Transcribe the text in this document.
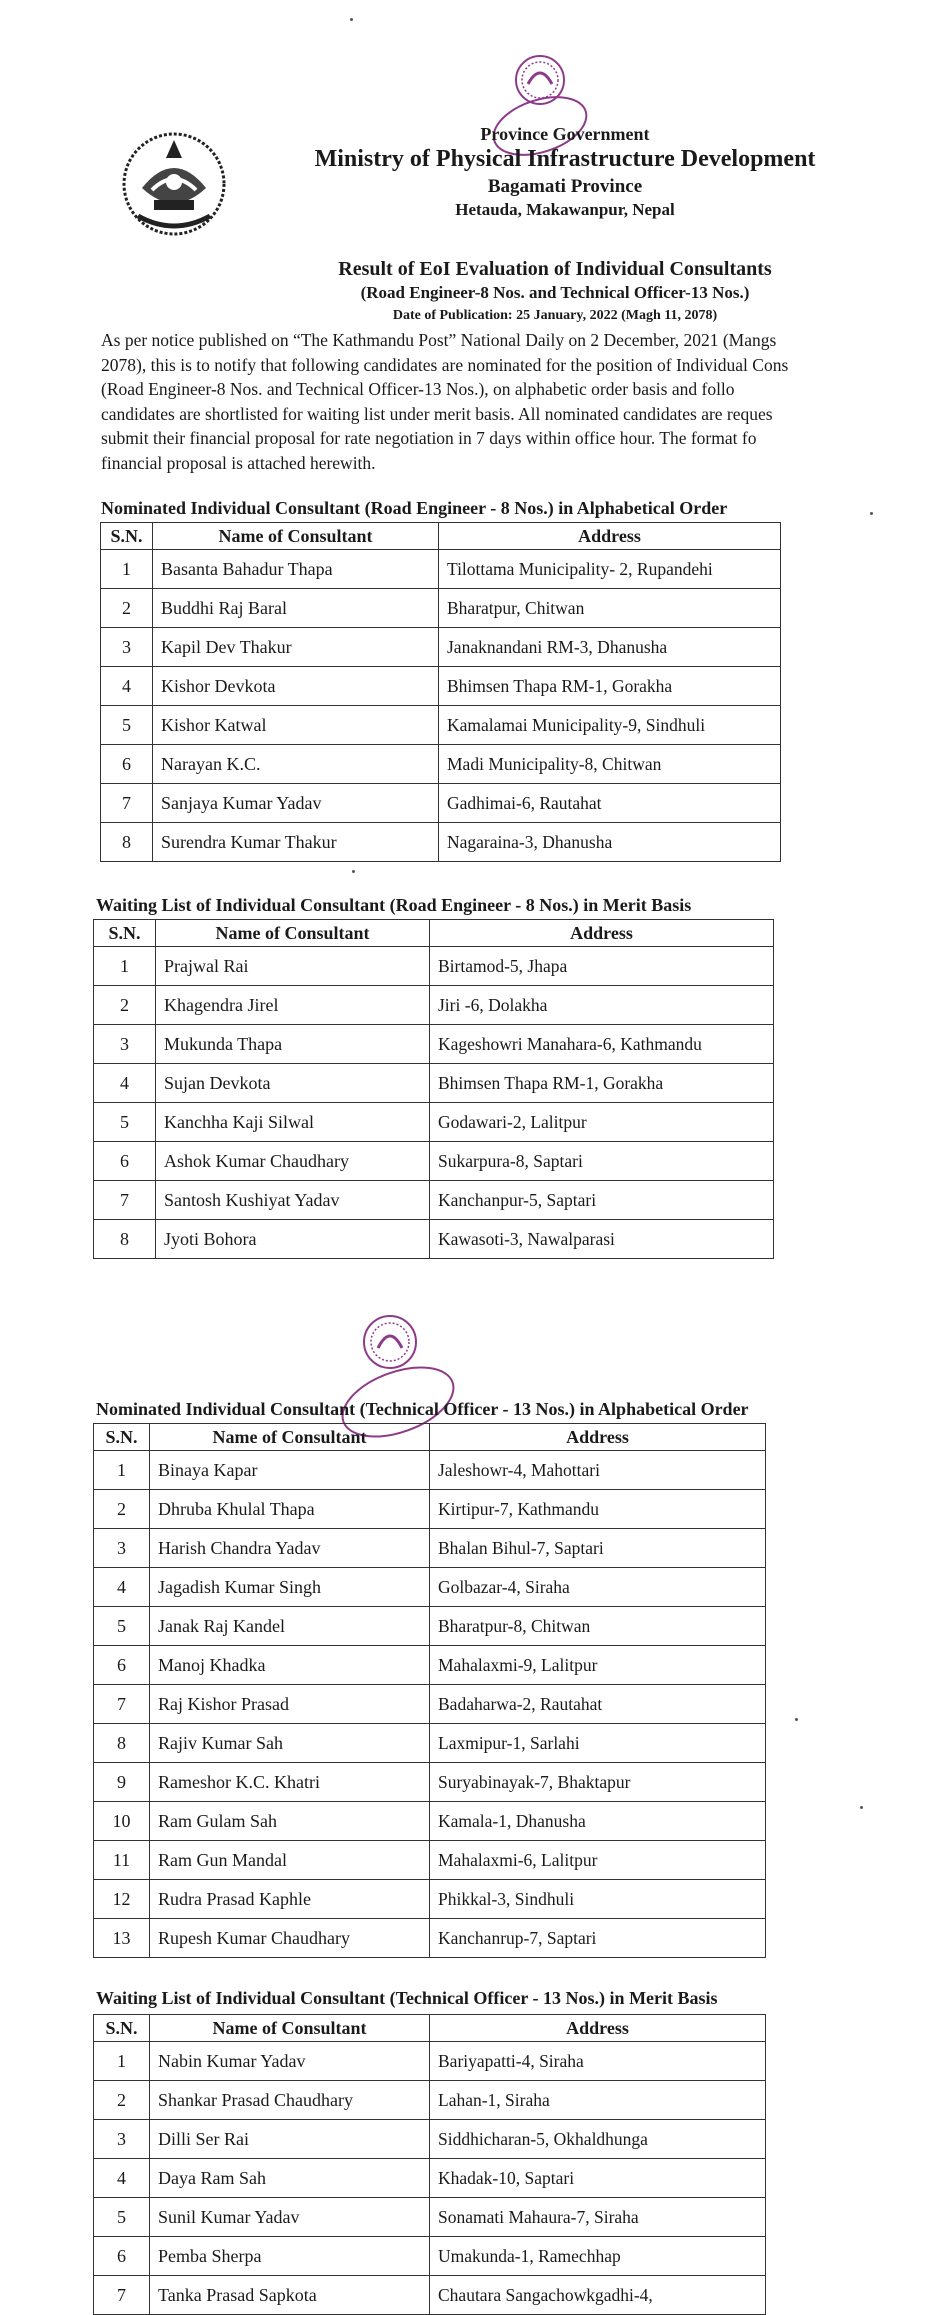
Province Government
Ministry of Physical Infrastructure Development
Bagamati Province
Hetauda, Makawanpur, Nepal
Result of EoI Evaluation of Individual Consultants
(Road Engineer-8 Nos. and Technical Officer-13 Nos.)
Date of Publication: 25 January, 2022 (Magh 11, 2078)
As per notice published on “The Kathmandu Post” National Daily on 2 December, 2021 (Mangs
2078), this is to notify that following candidates are nominated for the position of Individual Cons
(Road Engineer-8 Nos. and Technical Officer-13 Nos.), on alphabetic order basis and follo
candidates are shortlisted for waiting list under merit basis. All nominated candidates are reques
submit their financial proposal for rate negotiation in 7 days within office hour. The format fo
financial proposal is attached herewith.
Nominated Individual Consultant (Road Engineer - 8 Nos.) in Alphabetical Order
S.N.	Name of Consultant	Address
1	Basanta Bahadur Thapa	Tilottama Municipality- 2, Rupandehi
2	Buddhi Raj Baral	Bharatpur, Chitwan
3	Kapil Dev Thakur	Janaknandani RM-3, Dhanusha
4	Kishor Devkota	Bhimsen Thapa RM-1, Gorakha
5	Kishor Katwal	Kamalamai Municipality-9, Sindhuli
6	Narayan K.C.	Madi Municipality-8, Chitwan
7	Sanjaya Kumar Yadav	Gadhimai-6, Rautahat
8	Surendra Kumar Thakur	Nagaraina-3, Dhanusha
Waiting List of Individual Consultant (Road Engineer - 8 Nos.) in Merit Basis
S.N.	Name of Consultant	Address
1	Prajwal Rai	Birtamod-5, Jhapa
2	Khagendra Jirel	Jiri -6, Dolakha
3	Mukunda Thapa	Kageshowri Manahara-6, Kathmandu
4	Sujan Devkota	Bhimsen Thapa RM-1, Gorakha
5	Kanchha Kaji Silwal	Godawari-2, Lalitpur
6	Ashok Kumar Chaudhary	Sukarpura-8, Saptari
7	Santosh Kushiyat Yadav	Kanchanpur-5, Saptari
8	Jyoti Bohora	Kawasoti-3, Nawalparasi
Nominated Individual Consultant (Technical Officer - 13 Nos.) in Alphabetical Order
S.N.	Name of Consultant	Address
1	Binaya Kapar	Jaleshowr-4, Mahottari
2	Dhruba Khulal Thapa	Kirtipur-7, Kathmandu
3	Harish Chandra Yadav	Bhalan Bihul-7, Saptari
4	Jagadish Kumar Singh	Golbazar-4, Siraha
5	Janak Raj Kandel	Bharatpur-8, Chitwan
6	Manoj Khadka	Mahalaxmi-9, Lalitpur
7	Raj Kishor Prasad	Badaharwa-2, Rautahat
8	Rajiv Kumar Sah	Laxmipur-1, Sarlahi
9	Rameshor K.C. Khatri	Suryabinayak-7, Bhaktapur
10	Ram Gulam Sah	Kamala-1, Dhanusha
11	Ram Gun Mandal	Mahalaxmi-6, Lalitpur
12	Rudra Prasad Kaphle	Phikkal-3, Sindhuli
13	Rupesh Kumar Chaudhary	Kanchanrup-7, Saptari
Waiting List of Individual Consultant (Technical Officer - 13 Nos.) in Merit Basis
S.N.	Name of Consultant	Address
1	Nabin Kumar Yadav	Bariyapatti-4, Siraha
2	Shankar Prasad Chaudhary	Lahan-1, Siraha
3	Dilli Ser Rai	Siddhicharan-5, Okhaldhunga
4	Daya Ram Sah	Khadak-10, Saptari
5	Sunil Kumar Yadav	Sonamati Mahaura-7, Siraha
6	Pemba Sherpa	Umakunda-1, Ramechhap
7	Tanka Prasad Sapkota	Chautara Sangachowkgadhi-4,
